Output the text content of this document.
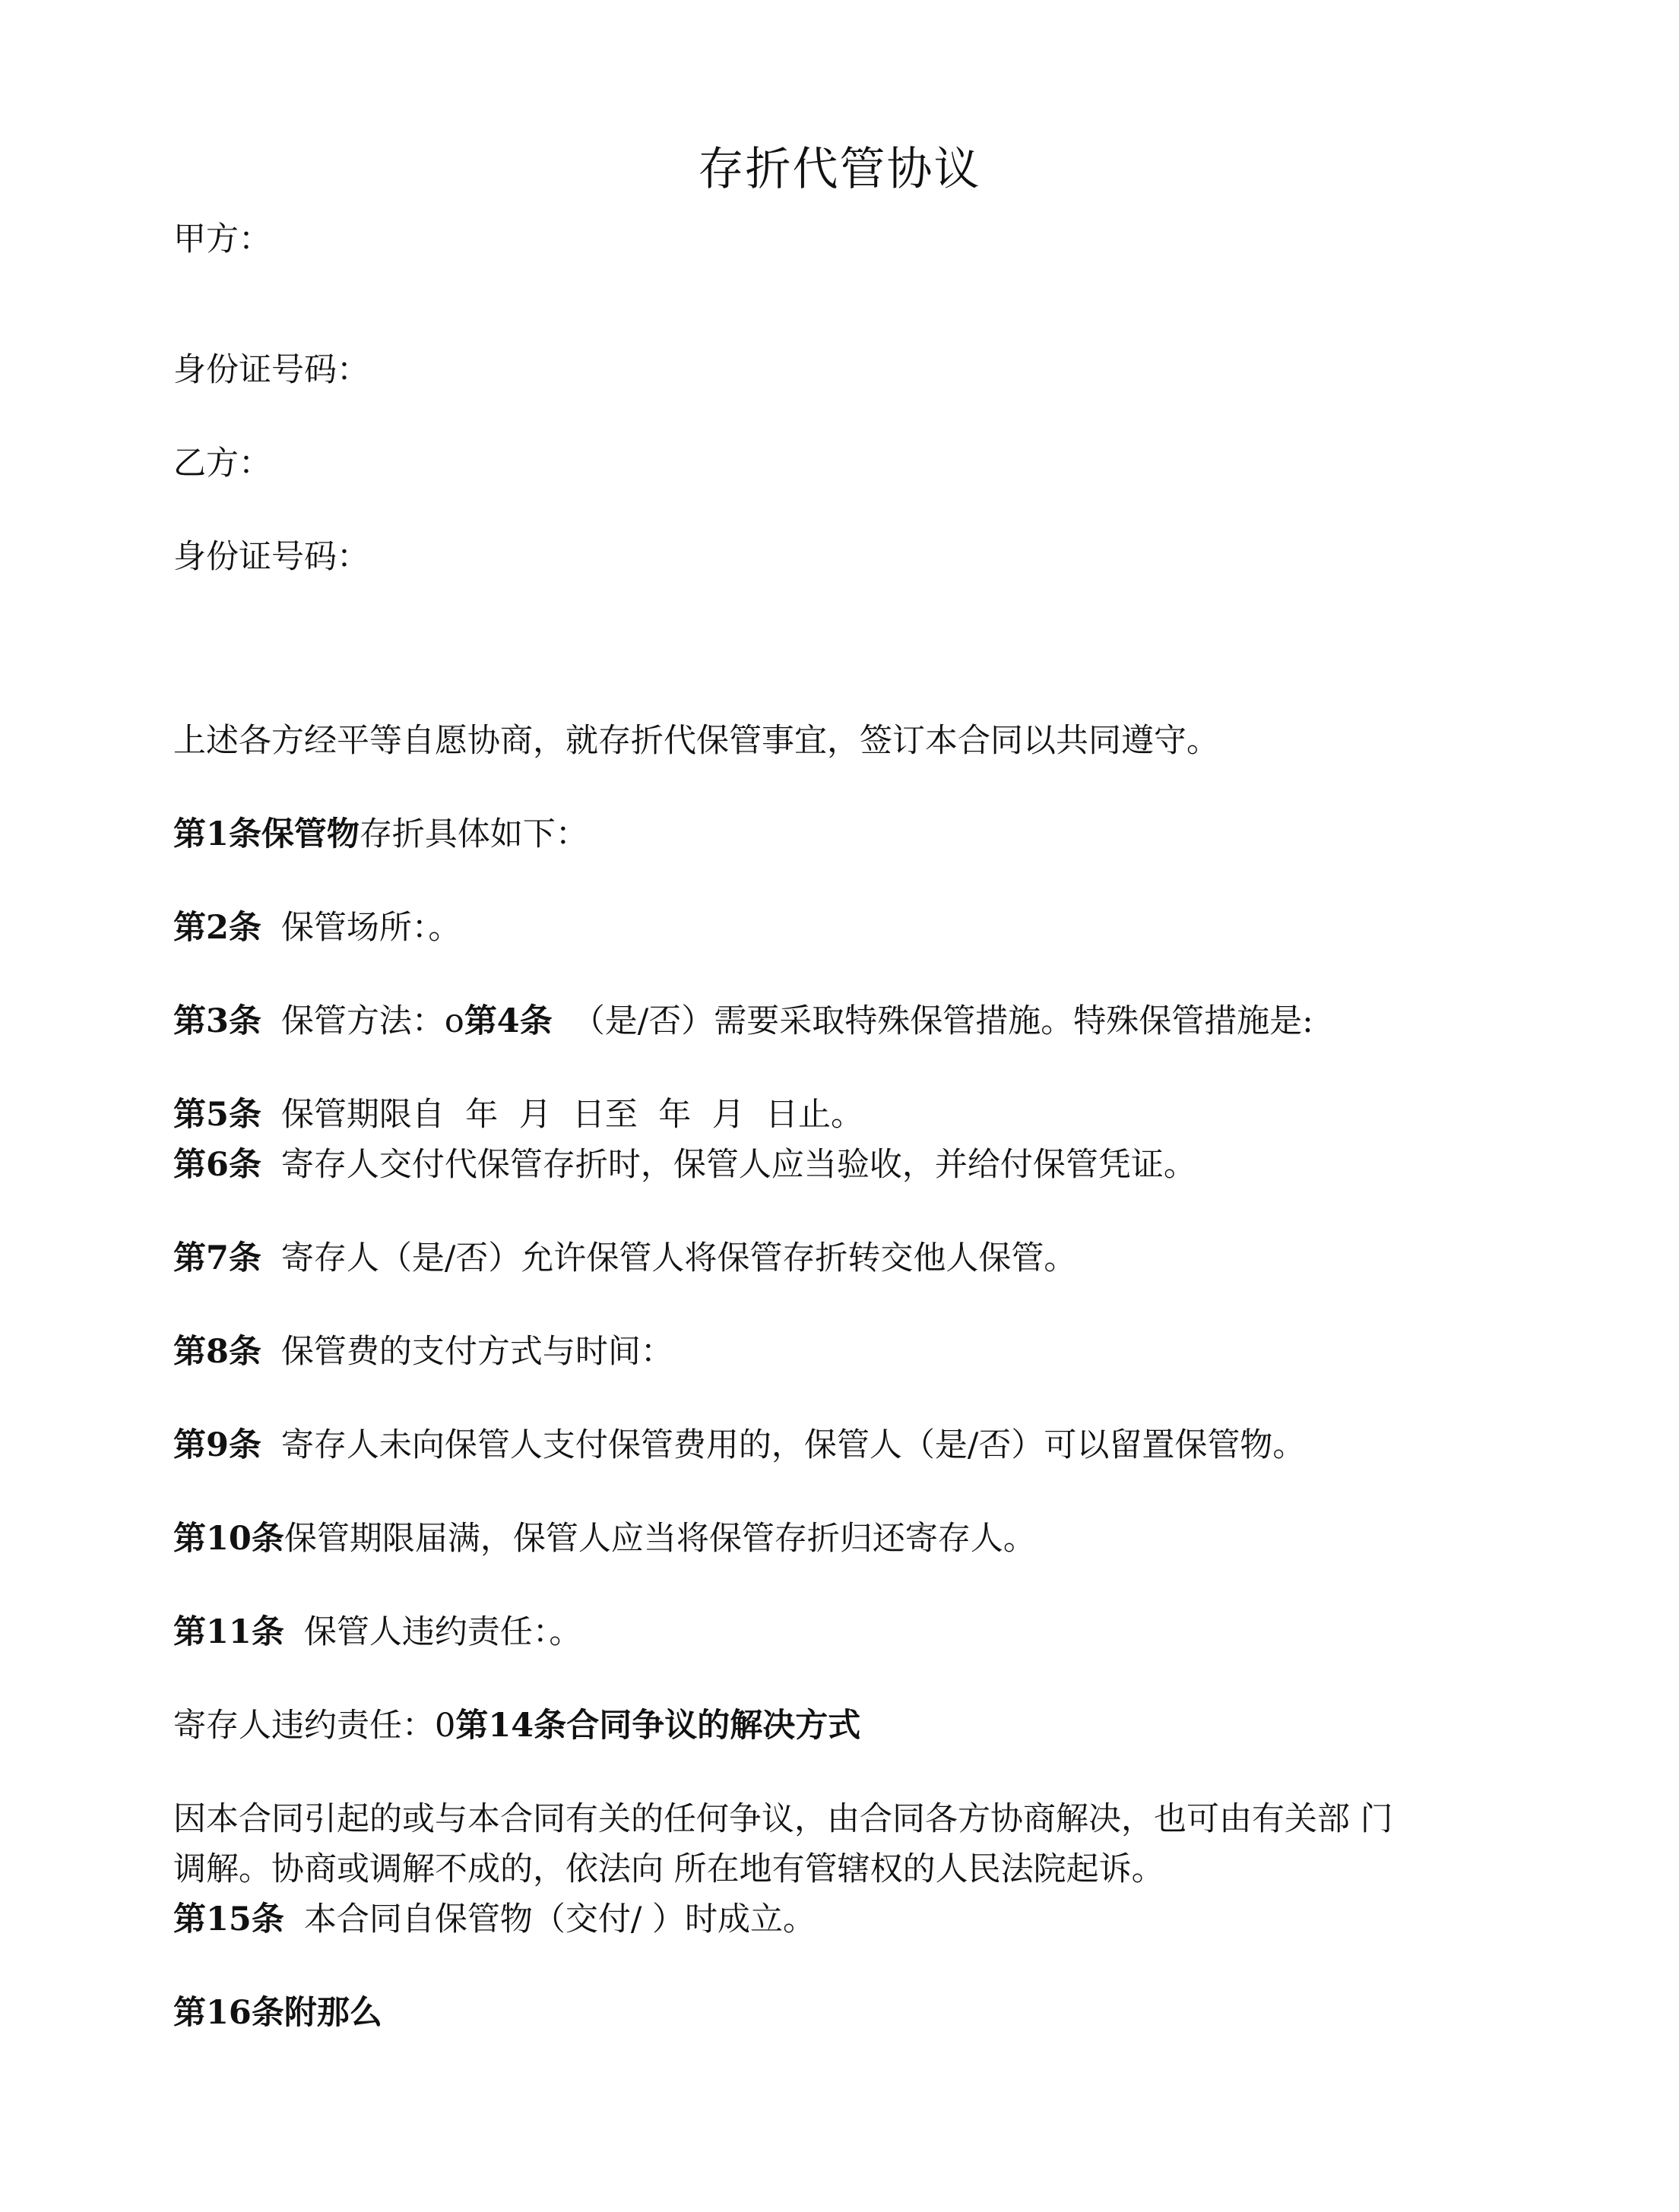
存折代管协议
甲方：
身份证号码：
乙方：
身份证号码：
上述各方经平等自愿协商，就存折代保管事宜，签订本合同以共同遵守。
第1条保管物存折具体如下：
第2条 保管场所：。
第3条 保管方法：o第4条 （是/否）需要采取特殊保管措施。特殊保管措施是:
第5条 保管期限自  年  月  日至  年  月  日止。
第6条 寄存人交付代保管存折时，保管人应当验收，并给付保管凭证。
第7条 寄存人（是/否）允许保管人将保管存折转交他人保管。
第8条 保管费的支付方式与时间：
第9条 寄存人未向保管人支付保管费用的，保管人（是/否）可以留置保管物。
第10条保管期限届满，保管人应当将保管存折归还寄存人。
第11条 保管人违约责任：。
寄存人违约责任：0第14条合同争议的解决方式
因本合同引起的或与本合同有关的任何争议，由合同各方协商解决，也可由有关部 门
调解。协商或调解不成的，依法向 所在地有管辖权的人民法院起诉。
第15条 本合同自保管物（交付/ ）时成立。
第16条附那么
